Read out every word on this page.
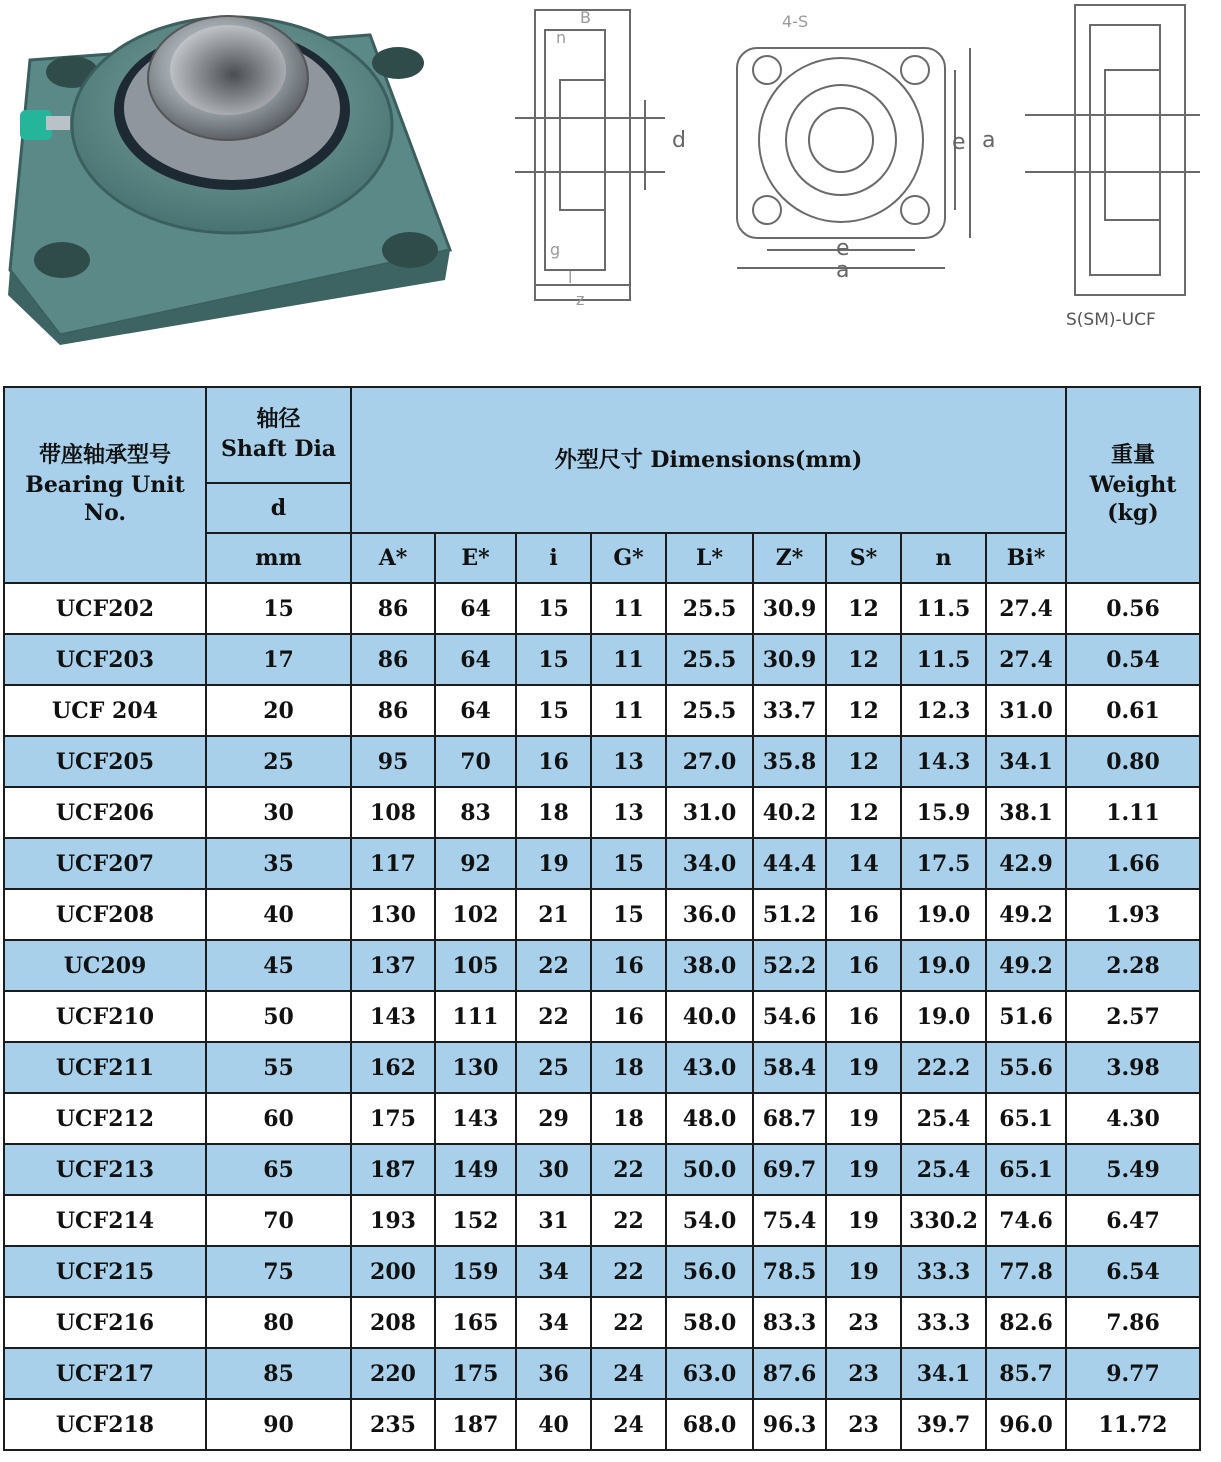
B
n
d
g
l
z
4-S
e a
e
a
S(SM)-UCF
带座轴承型号
Bearing Unit
No.	轴径
Shaft Dia	外型尺寸 Dimensions(mm)									重量
Weight
(kg)

	d										
	mm	A*	E*	i	G*	L*	Z*	S*	n	Bi*	
UCF202	15	86	64	15	11	25.5	30.9	12	11.5	27.4	0.56
UCF203	17	86	64	15	11	25.5	30.9	12	11.5	27.4	0.54
UCF 204	20	86	64	15	11	25.5	33.7	12	12.3	31.0	0.61
UCF205	25	95	70	16	13	27.0	35.8	12	14.3	34.1	0.80
UCF206	30	108	83	18	13	31.0	40.2	12	15.9	38.1	1.11
UCF207	35	117	92	19	15	34.0	44.4	14	17.5	42.9	1.66
UCF208	40	130	102	21	15	36.0	51.2	16	19.0	49.2	1.93
UC209	45	137	105	22	16	38.0	52.2	16	19.0	49.2	2.28
UCF210	50	143	111	22	16	40.0	54.6	16	19.0	51.6	2.57
UCF211	55	162	130	25	18	43.0	58.4	19	22.2	55.6	3.98
UCF212	60	175	143	29	18	48.0	68.7	19	25.4	65.1	4.30
UCF213	65	187	149	30	22	50.0	69.7	19	25.4	65.1	5.49
UCF214	70	193	152	31	22	54.0	75.4	19	330.2	74.6	6.47
UCF215	75	200	159	34	22	56.0	78.5	19	33.3	77.8	6.54
UCF216	80	208	165	34	22	58.0	83.3	23	33.3	82.6	7.86
UCF217	85	220	175	36	24	63.0	87.6	23	34.1	85.7	9.77
UCF218	90	235	187	40	24	68.0	96.3	23	39.7	96.0	11.72
